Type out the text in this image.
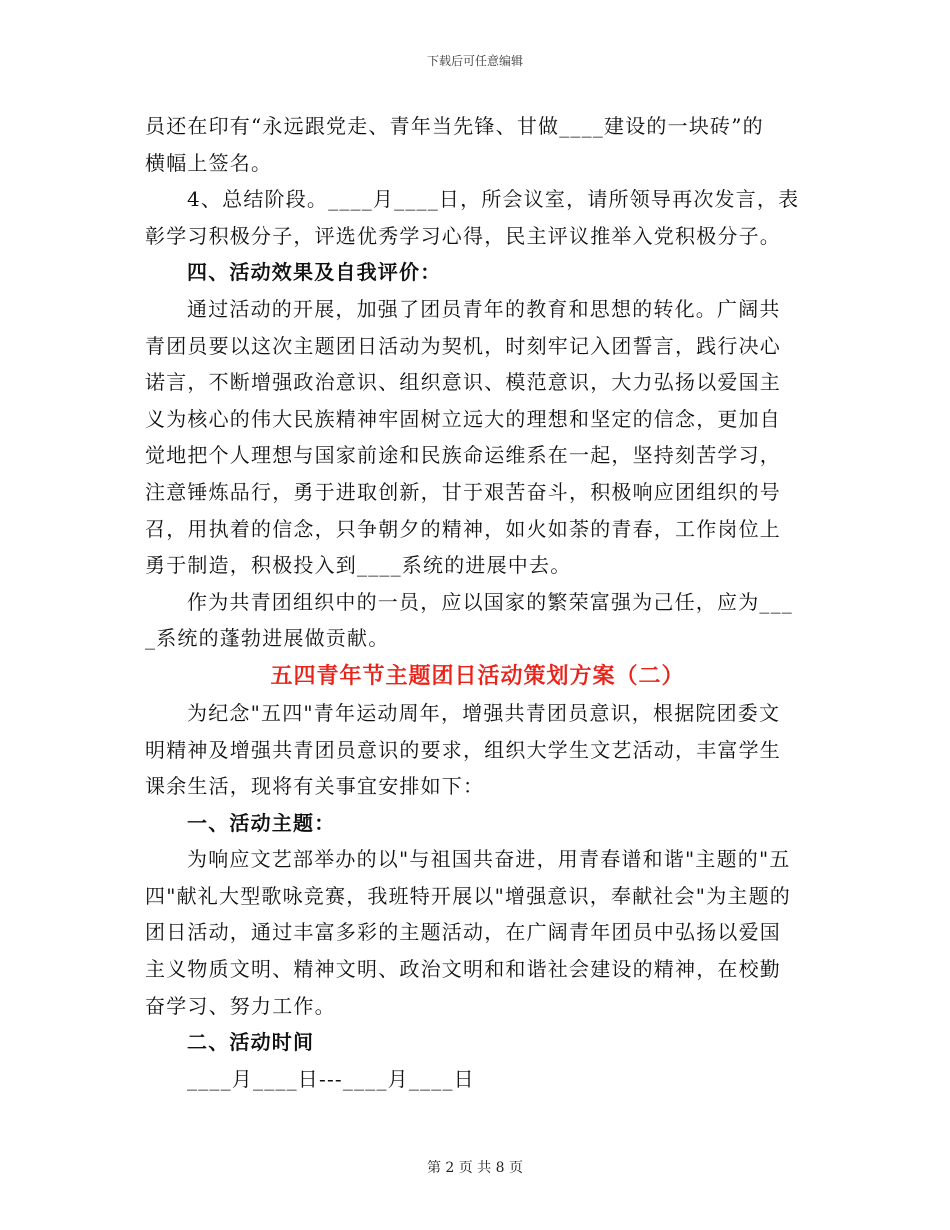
下载后可任意编辑
员还在印有“永远跟党走、青年当先锋、甘做____建设的一块砖”的
横幅上签名。
4、总结阶段。____月____日，所会议室，请所领导再次发言，表
彰学习积极分子，评选优秀学习心得，民主评议推举入党积极分子。
四、活动效果及自我评价：
通过活动的开展，加强了团员青年的教育和思想的转化。广阔共
青团员要以这次主题团日活动为契机，时刻牢记入团誓言，践行决心
诺言，不断增强政治意识、组织意识、模范意识，大力弘扬以爱国主
义为核心的伟大民族精神牢固树立远大的理想和坚定的信念，更加自
觉地把个人理想与国家前途和民族命运维系在一起，坚持刻苦学习，
注意锤炼品行，勇于进取创新，甘于艰苦奋斗，积极响应团组织的号
召，用执着的信念，只争朝夕的精神，如火如荼的青春，工作岗位上
勇于制造，积极投入到____系统的进展中去。
作为共青团组织中的一员，应以国家的繁荣富强为己任，应为___
_系统的蓬勃进展做贡献。
五四青年节主题团日活动策划方案（二）
为纪念"五四"青年运动周年，增强共青团员意识，根据院团委文
明精神及增强共青团员意识的要求，组织大学生文艺活动，丰富学生
课余生活，现将有关事宜安排如下：
一、活动主题：
为响应文艺部举办的以"与祖国共奋进，用青春谱和谐"主题的"五
四"献礼大型歌咏竞赛，我班特开展以"增强意识，奉献社会"为主题的
团日活动，通过丰富多彩的主题活动，在广阔青年团员中弘扬以爱国
主义物质文明、精神文明、政治文明和和谐社会建设的精神，在校勤
奋学习、努力工作。
二、活动时间
____月____日---____月____日
第 2 页 共 8 页
